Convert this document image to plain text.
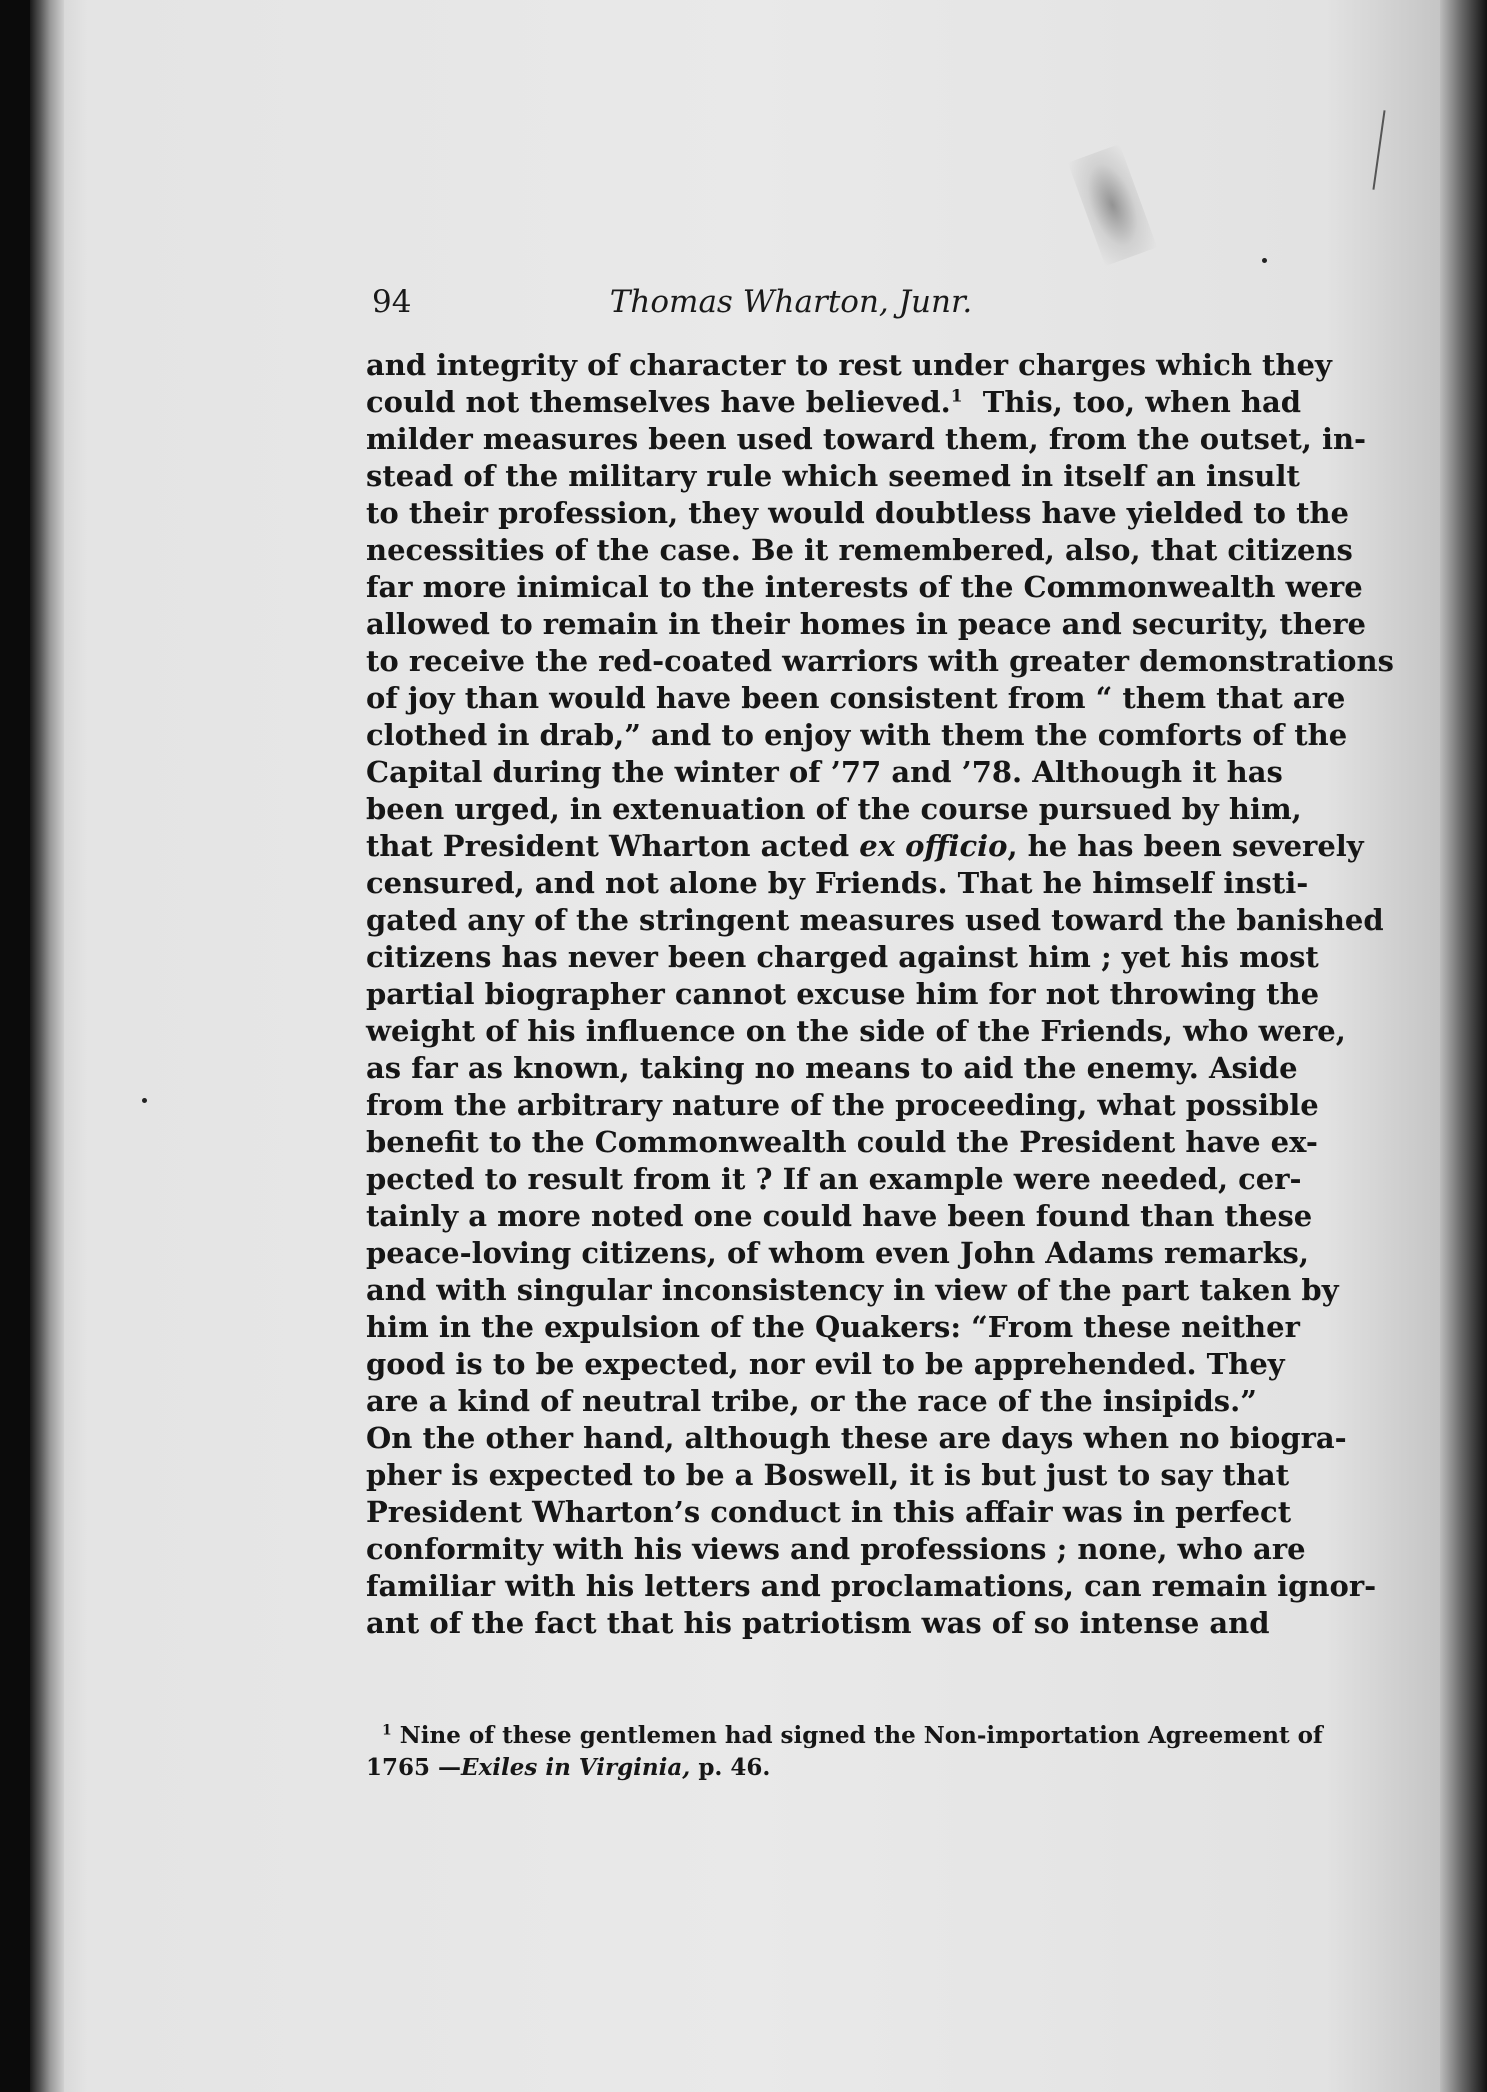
94	Thomas Wharton, Junr.
and integrity of character to rest under charges which they
could not themselves have believed.$^1$ This, too, when had
milder measures been used toward them, from the outset, in-
stead of the military rule which seemed in itself an insult
to their profession, they would doubtless have yielded to the
necessities of the case. Be it remembered, also, that citizens
far more inimical to the interests of the Commonwealth were
allowed to remain in their homes in peace and security, there
to receive the red-coated warriors with greater demonstrations
of joy than would have been consistent from “ them that are
clothed in drab,” and to enjoy with them the comforts of the
Capital during the winter of ’77 and ’78. Although it has
been urged, in extenuation of the course pursued by him,
that President Wharton acted ex officio, he has been severely
censured, and not alone by Friends. That he himself insti-
gated any of the stringent measures used toward the banished
citizens has never been charged against him ; yet his most
partial biographer cannot excuse him for not throwing the
weight of his influence on the side of the Friends, who were,
as far as known, taking no means to aid the enemy. Aside
from the arbitrary nature of the proceeding, what possible
benefit to the Commonwealth could the President have ex-
pected to result from it ? If an example were needed, cer-
tainly a more noted one could have been found than these
peace-loving citizens, of whom even John Adams remarks,
and with singular inconsistency in view of the part taken by
him in the expulsion of the Quakers: “From these neither
good is to be expected, nor evil to be apprehended. They
are a kind of neutral tribe, or the race of the insipids.”
On the other hand, although these are days when no biogra-
pher is expected to be a Boswell, it is but just to say that
President Wharton’s conduct in this affair was in perfect
conformity with his views and professions ; none, who are
familiar with his letters and proclamations, can remain ignor-
ant of the fact that his patriotism was of so intense and
$^1$ Nine of these gentlemen had signed the Non-importation Agreement of
1765 —Exiles in Virginia, p. 46.
